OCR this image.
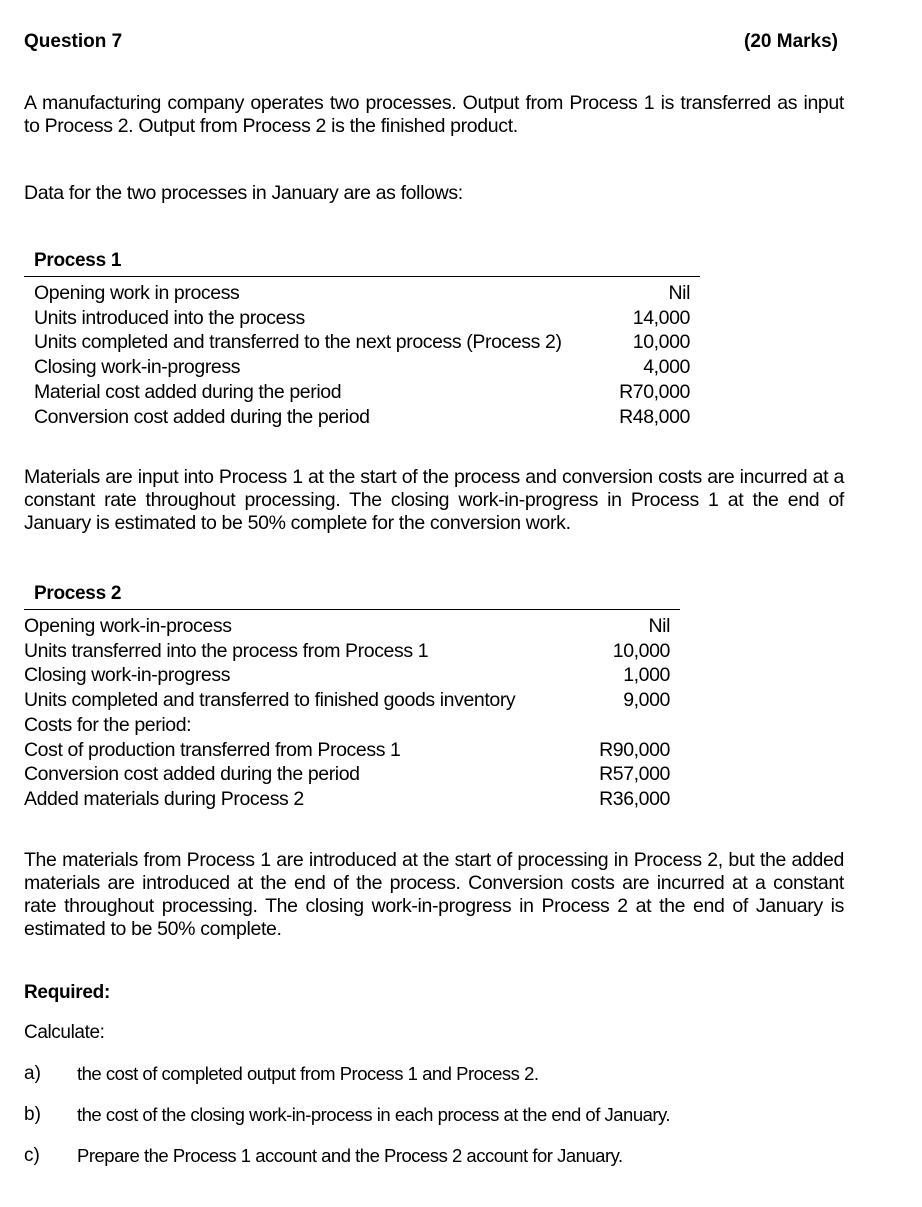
Question 7	(20 Marks)
A manufacturing company operates two processes. Output from Process 1 is transferred as input to Process 2. Output from Process 2 is the finished product.
Data for the two processes in January are as follows:
Process 1
Opening work in process	Nil
Units introduced into the process	14,000
Units completed and transferred to the next process (Process 2)	10,000
Closing work-in-progress	4,000
Material cost added during the period	R70,000
Conversion cost added during the period	R48,000
Materials are input into Process 1 at the start of the process and conversion costs are incurred at a constant rate throughout processing. The closing work-in-progress in Process 1 at the end of January is estimated to be 50% complete for the conversion work.
Process 2
Opening work-in-process	Nil
Units transferred into the process from Process 1	10,000
Closing work-in-progress	1,000
Units completed and transferred to finished goods inventory	9,000
Costs for the period:
Cost of production transferred from Process 1	R90,000
Conversion cost added during the period	R57,000
Added materials during Process 2	R36,000
The materials from Process 1 are introduced at the start of processing in Process 2, but the added materials are introduced at the end of the process. Conversion costs are incurred at a constant rate throughout processing. The closing work-in-progress in Process 2 at the end of January is estimated to be 50% complete.
Required:
Calculate:
a) the cost of completed output from Process 1 and Process 2.
b) the cost of the closing work-in-process in each process at the end of January.
c) Prepare the Process 1 account and the Process 2 account for January.
